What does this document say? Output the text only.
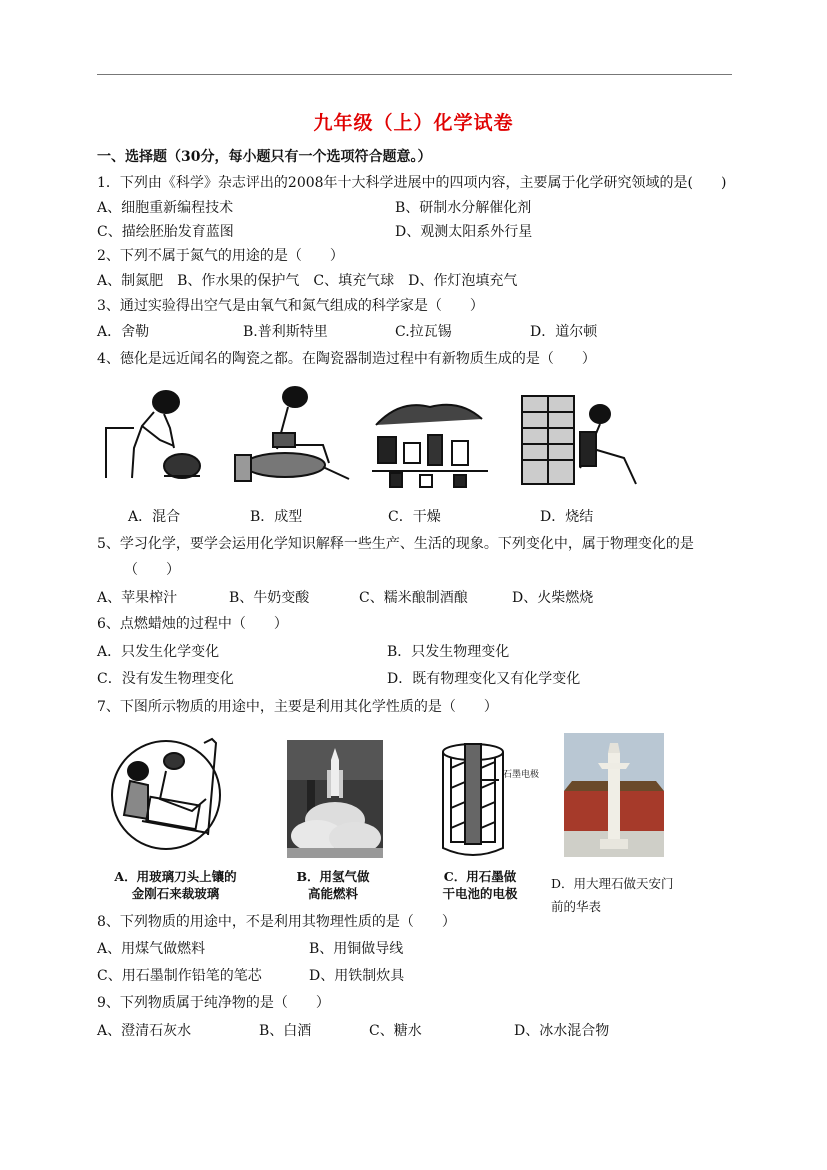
九年级（上）化学试卷
一、选择题（30分，每小题只有一个选项符合题意。）
1．下列由《科学》杂志评出的2008年十大科学进展中的四项内容，主要属于化学研究领域的是(　　)
A、细胞重新编程技术	B、研制水分解催化剂
C、描绘胚胎发育蓝图	D、观测太阳系外行星
2、下列不属于氮气的用途的是（　　）
A、制氮肥　B、作水果的保护气　C、填充气球　D、作灯泡填充气
3、通过实验得出空气是由氧气和氮气组成的科学家是（　　）
A．舍勒	B.普利斯特里	C.拉瓦锡	D．道尔顿
4、德化是远近闻名的陶瓷之都。在陶瓷器制造过程中有新物质生成的是（　　）
A．混合	B．成型	C．干燥	D．烧结
5、学习化学，要学会运用化学知识解释一些生产、生活的现象。下列变化中，属于物理变化的是
（　　）
A、苹果榨汁	B、牛奶变酸	C、糯米酿制酒酿	D、火柴燃烧
6、点燃蜡烛的过程中（　　）
A．只发生化学变化	B．只发生物理变化
C．没有发生物理变化	D．既有物理变化又有化学变化
7、下图所示物质的用途中，主要是利用其化学性质的是（　　）
石墨电极
A．用玻璃刀头上镶的
金刚石来裁玻璃
B．用氢气做
高能燃料
C．用石墨做
干电池的电极
D．用大理石做天安门
前的华表
8、下列物质的用途中，不是利用其物理性质的是（　　）
A、用煤气做燃料	B、用铜做导线
C、用石墨制作铅笔的笔芯	D、用铁制炊具
9、下列物质属于纯净物的是（　　）
A、澄清石灰水	B、白酒	C、糖水	D、冰水混合物
